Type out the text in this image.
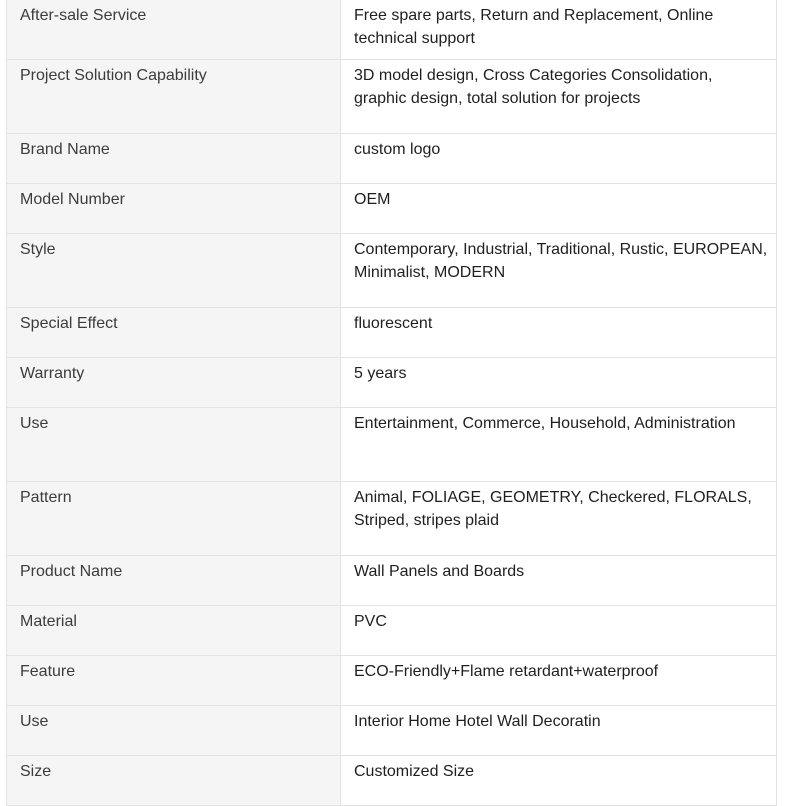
After-sale Service	Free spare parts, Return and Replacement, Online technical support
Project Solution Capability	3D model design, Cross Categories Consolidation, graphic design, total solution for projects
Brand Name	custom logo
Model Number	OEM
Style	Contemporary, Industrial, Traditional, Rustic, EUROPEAN, Minimalist, MODERN
Special Effect	fluorescent
Warranty	5 years
Use	Entertainment, Commerce, Household, Administration
Pattern	Animal, FOLIAGE, GEOMETRY, Checkered, FLORALS, Striped, stripes plaid
Product Name	Wall Panels and Boards
Material	PVC
Feature	ECO-Friendly+Flame retardant+waterproof
Use	Interior Home Hotel Wall Decoratin
Size	Customized Size
